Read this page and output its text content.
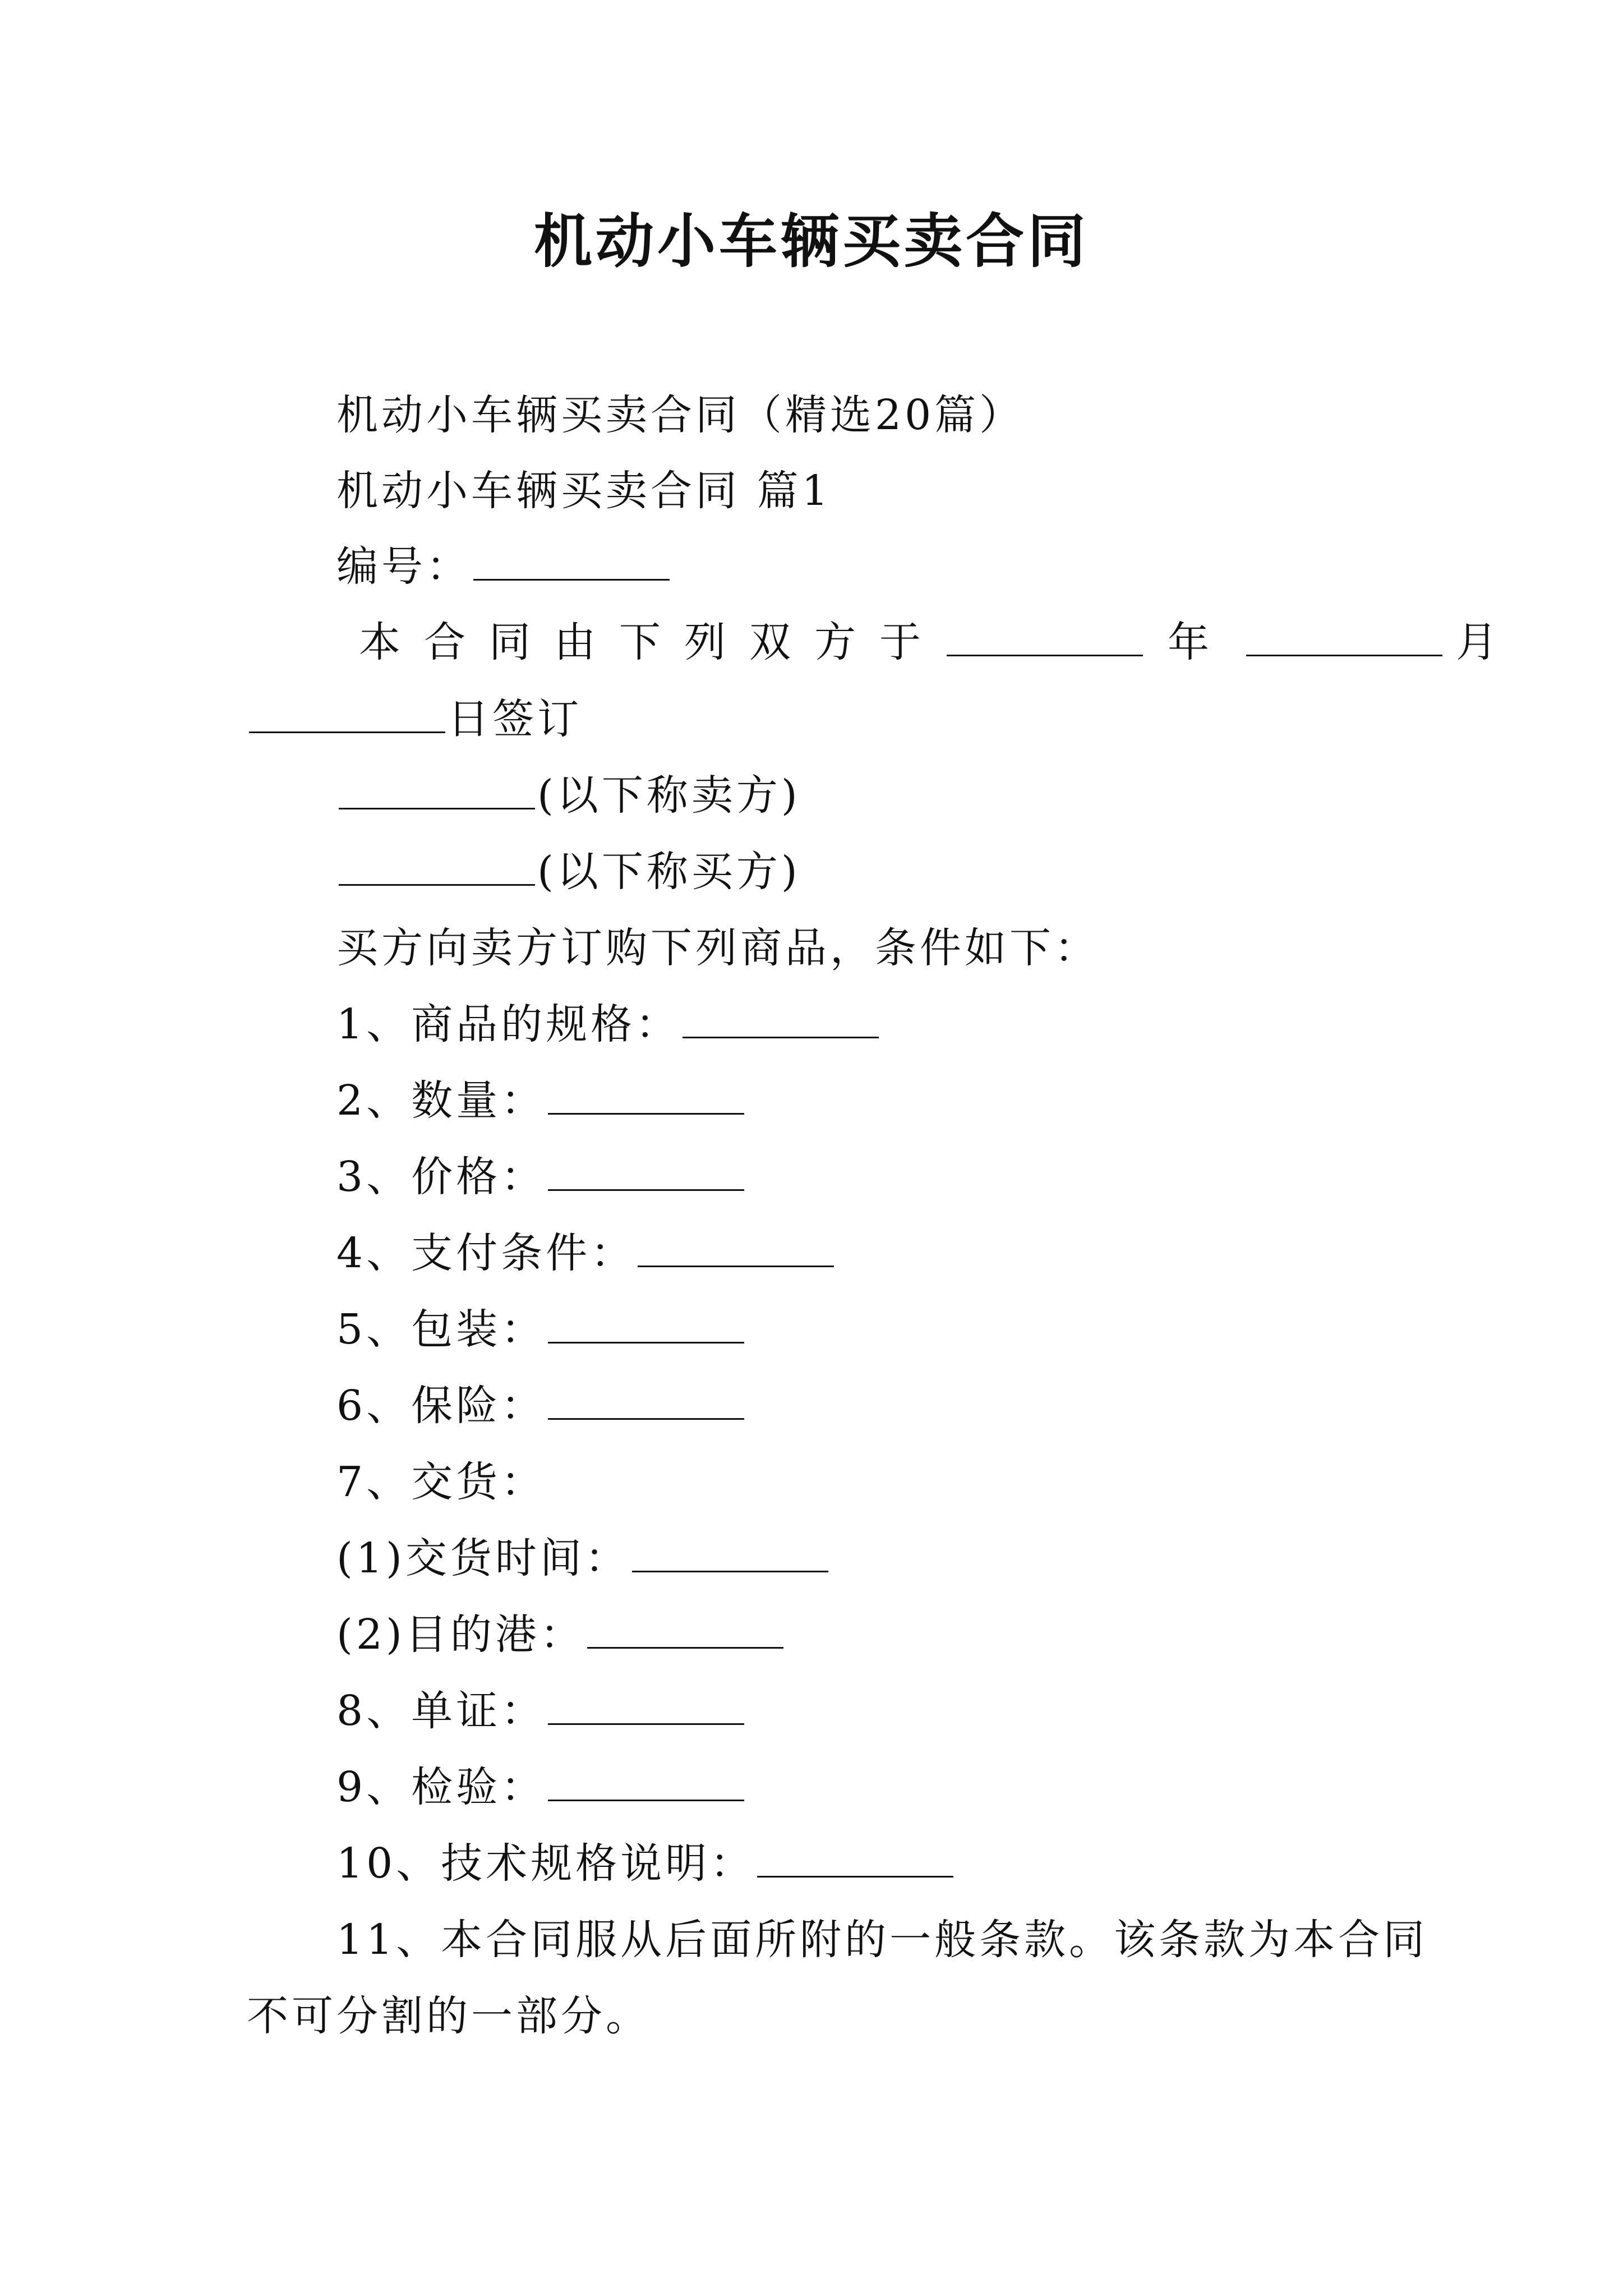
机动小车辆买卖合同
机动小车辆买卖合同（精选20篇）
机动小车辆买卖合同 篇1
编号：
本合同由下列双方于	年	月
日签订
(以下称卖方)
(以下称买方)
买方向卖方订购下列商品，条件如下：
1、商品的规格：
2、数量：
3、价格：
4、支付条件：
5、包装：
6、保险：
7、交货：
(1)交货时间：
(2)目的港：
8、单证：
9、检验：
10、技术规格说明：
11、本合同服从后面所附的一般条款。该条款为本合同
不可分割的一部分。
